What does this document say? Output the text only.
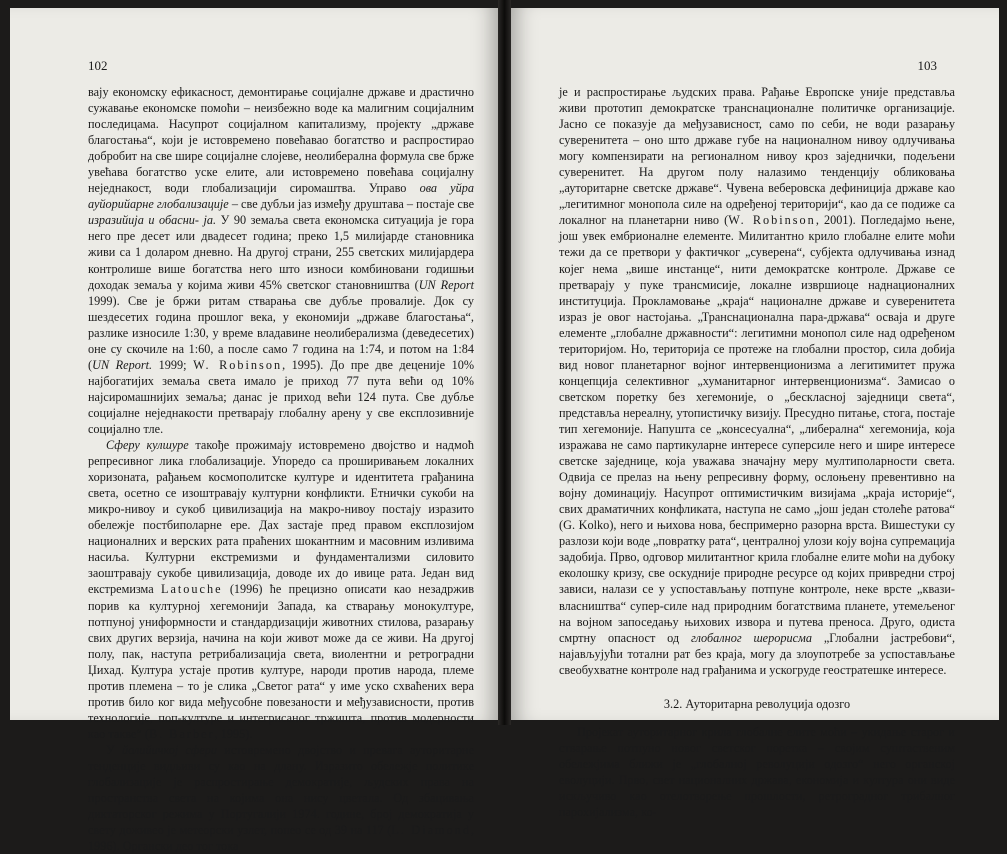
102

вају економску ефикасност, демонтирање социјалне државе и драстично сужавање економске помоћи – неизбежно воде ка малигним социјалним последицама. Насупрот социјалном капитализму, пројекту „државе благостања“, који је истовремено повећавао богатство и распростирао добробит на све шире социјалне слојеве, неолиберална формула све брже увећава богатство уске елите, али истовремено повећава социјалну неједнакост, води глобализацији сиромаштва. Управо ова уйра ауйорийарне глобализације – све дубљи јаз између друштава – постаје све изразийија и обасни- ја. У 90 земаља света економска ситуација је гора него пре десет или двадесет година; преко 1,5 милијарде становника живи са 1 доларом дневно. На другој страни, 255 светских милијардера контролише више богатства него што износи комбиновани годишњи доходак земаља у којима живи 45% светског становништва (UN Report 1999). Све је бржи ритам стварања све дубље провалије. Док су шездесетих година прошлог века, у економији „државе благостања“, разлике износиле 1:30, у време владавине неолиберализма (деведесетих) оне су скочиле на 1:60, а после само 7 година на 1:74, и потом на 1:84 (UN Report. 1999; W. Robinson, 1995). До пре две деценије 10% најбогатијих земаља света имало је приход 77 пута већи од 10% најсиромашнијих земаља; данас је приход већи 124 пута. Све дубље социјалне неједнакости претварају глобалну арену у све експлозивније социјално тле.

Сферу кулшуре такође прожимају истовремено двојство и надмоћ репресивног лика глобализације. Упоредо са проширивањем локалних хоризоната, рађањем космополитске културе и идентитета грађанина света, осетно се изоштравају културни конфликти. Етнички сукоби на микро-нивоу и сукоб цивилизација на макро-нивоу постају изразито обележје постбиполарне ере. Дах застаје пред правом експлозијом националних и верских рата прaћених шокантним и масовним изливима насиља. Културни екстремизми и фундаментализми силовито заоштравају сукобе цивилизација, доводе их до ивице рата. Један вид екстремизма Latouche (1996) ће прецизно описати као незадржив порив ка културној хегемонији Запада, ка стварању монокултуре, потпуној униформности и стандардизацији животних стилова, разарању свих других верзија, начина на који живот може да се живи. На другој полу, пак, наступа ретрибализација света, виолентни и ретроградни Џихад. Култура устаје против културе, народи против народа, племе против племена – то је слика „Светог рата“ у име ускo схваћених вера против било ког вида међусобне повезаности и међузависности, против технологије, поп-културе и интегрисаног тржишта, против модерности као такве“ (B. Barber, 1995).

У йолийичкој сфери истовремено двојство и превага ауторитарне тенденције видљиви су као на длану. Изразито обележје политике глобализације је распростирање демократије, људских права на пространства света на којима она нису цветала. Од збацивања диктаторског режима у Португалији 1974. године, број демократија у свету доживео је метеорски узлет, попео се од 39 на 117 (L. Diamond, 1996). Органски део тог тока

103

је и распростирање људских права. Рађање Европске уније представља живи прототип демократске транснационалне политичке организације. Јасно се показује да међузависност, само по себи, не води разарању суверенитета – оно што државе губе на националном нивоу одлучивања могу компензирати на регионалном нивоу кроз заједнички, подељени суверенитет. На другом полу налазимо тенденцију обликовања „ауторитарне светске државе“. Чувена веберовска дефиниција државе као „легитимног монопола силе на одређеној територији“, као да се подиже са локалног на планетарни ниво (W. Robinson, 2001). Погледајмо њене, још увек ембрионалне елементе. Милитантно крило глобалне елите моћи тежи да се претвори у фактичког „суверена“, субјекта одлучивања изнад којег нема „више инстанце“, нити демократске контроле. Државе се претварају у пуке трансмисије, локалне извршиоце наднационалних институција. Проклaмовање „краја“ националне државе и суверенитета израз је овог настојања. „Транснационална пара-држава“ осваја и друге елементе „глобалне државности“: легитимни монопол силе над одређеном територијом. Но, територија се протеже на глобални простор, сила добија вид новог планетарног војног интервенционизма а легитимитет пружа концепција селективног „хуманитарног интервенционизма“. Замисао о светском поретку без хегемоније, о „бесклaсној заједници света“, представља нереалну, утопистичку визију. Пресудно питање, стога, постаје тип хегемоније. Напушта се „консесуална“, „либерална“ хегемонија, која изражава не само партикуларне интересе суперсиле него и шире интересе светске заједнице, која уважава значајну меру мултиполарности света. Одвија се прелаз на њену репресивну форму, ослоњену превентивно на војну доминацију. Насупрот оптимистичким визијама „краја историје“, свих драматичних конфликата, наступа не само „још један столеће ратова“ (G. Kolko), него и њихова нова, беспримерно разорна врста. Вишестуки су разлози који воде „повратку рата“, централној улози коју војна супремација задобија. Прво, одговор милитантног крила глобалне елите моћи на дубоку еколошку кризу, све оскудније природне ресурсе од којих привредни строј зависи, налази се у успостављању потпуне контроле, неке врсте „квази-власништва“ супер-силе над природним богатствима планете, утемељеног на војном запоседању њихових извора и путева преноса. Друго, одиста смртну опасност од глобалног шерорисма „Глобални јастребови“, најављујући тотални рат без краја, могу да злоупотребе за успостављање свеобухватне контроле над грађанима и ускогруде геостратешке интересе.

3.2. Ауторитарна револуција одозго

Пројекат ауторитарног крила глобалне елите моћи – укидање старог и стварање потпуно новог светског поретка – својим суштаственим обележјима ближи је „глобалној револуцији одозго“ него органској еволуцији. Прво, свет националних држава, економија и култура они виде искључиво као отелотворење прошлости, ретроградног трибалног парохијализма, ко-
